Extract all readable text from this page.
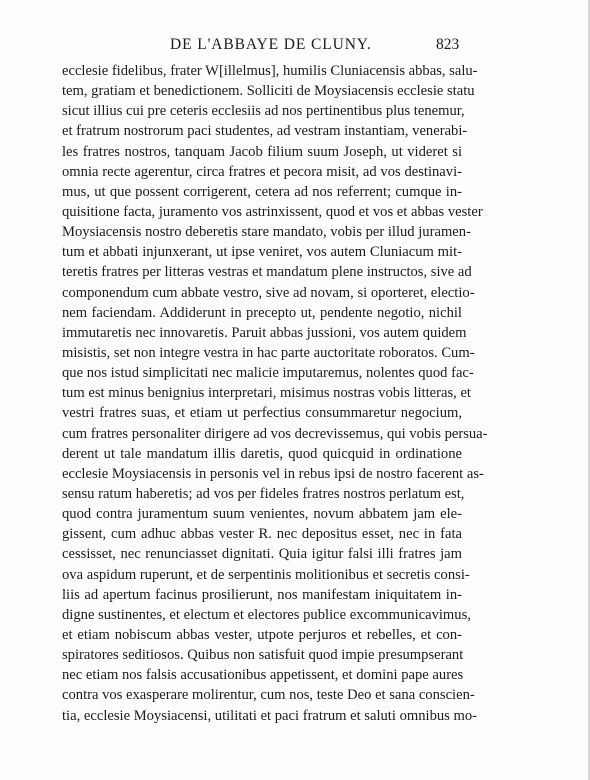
DE L'ABBAYE DE CLUNY.	823
ecclesie fidelibus, frater W[illelmus], humilis Cluniacensis abbas, salu-
tem, gratiam et benedictionem. Solliciti de Moysiacensis ecclesie statu
sicut illius cui pre ceteris ecclesiis ad nos pertinentibus plus tenemur,
et fratrum nostrorum paci studentes, ad vestram instantiam, venerabi-
les fratres nostros, tanquam Jacob filium suum Joseph, ut videret si
omnia recte agerentur, circa fratres et pecora misit, ad vos destinavi-
mus, ut que possent corrigerent, cetera ad nos referrent; cumque in-
quisitione facta, juramento vos astrinxissent, quod et vos et abbas vester
Moysiacensis nostro deberetis stare mandato, vobis per illud juramen-
tum et abbati injunxerant, ut ipse veniret, vos autem Cluniacum mit-
teretis fratres per litteras vestras et mandatum plene instructos, sive ad
componendum cum abbate vestro, sive ad novam, si oporteret, electio-
nem faciendam. Addiderunt in precepto ut, pendente negotio, nichil
immutaretis nec innovaretis. Paruit abbas jussioni, vos autem quidem
misistis, set non integre vestra in hac parte auctoritate roboratos. Cum-
que nos istud simplicitati nec malicie imputaremus, nolentes quod fac-
tum est minus benignius interpretari, misimus nostras vobis litteras, et
vestri fratres suas, et etiam ut perfectius consummaretur negocium,
cum fratres personaliter dirigere ad vos decrevissemus, qui vobis persua-
derent ut tale mandatum illis daretis, quod quicquid in ordinatione
ecclesie Moysiacensis in personis vel in rebus ipsi de nostro facerent as-
sensu ratum haberetis; ad vos per fideles fratres nostros perlatum est,
quod contra juramentum suum venientes, novum abbatem jam ele-
gissent, cum adhuc abbas vester R. nec depositus esset, nec in fata
cessisset, nec renunciasset dignitati. Quia igitur falsi illi fratres jam
ova aspidum ruperunt, et de serpentinis molitionibus et secretis consi-
liis ad apertum facinus prosilierunt, nos manifestam iniquitatem in-
digne sustinentes, et electum et electores publice excommunicavimus,
et etiam nobiscum abbas vester, utpote perjuros et rebelles, et con-
spiratores seditiosos. Quibus non satisfuit quod impie presumpserant
nec etiam nos falsis accusationibus appetissent, et domini pape aures
contra vos exasperare molirentur, cum nos, teste Deo et sana conscien-
tia, ecclesie Moysiacensi, utilitati et paci fratrum et saluti omnibus mo-
